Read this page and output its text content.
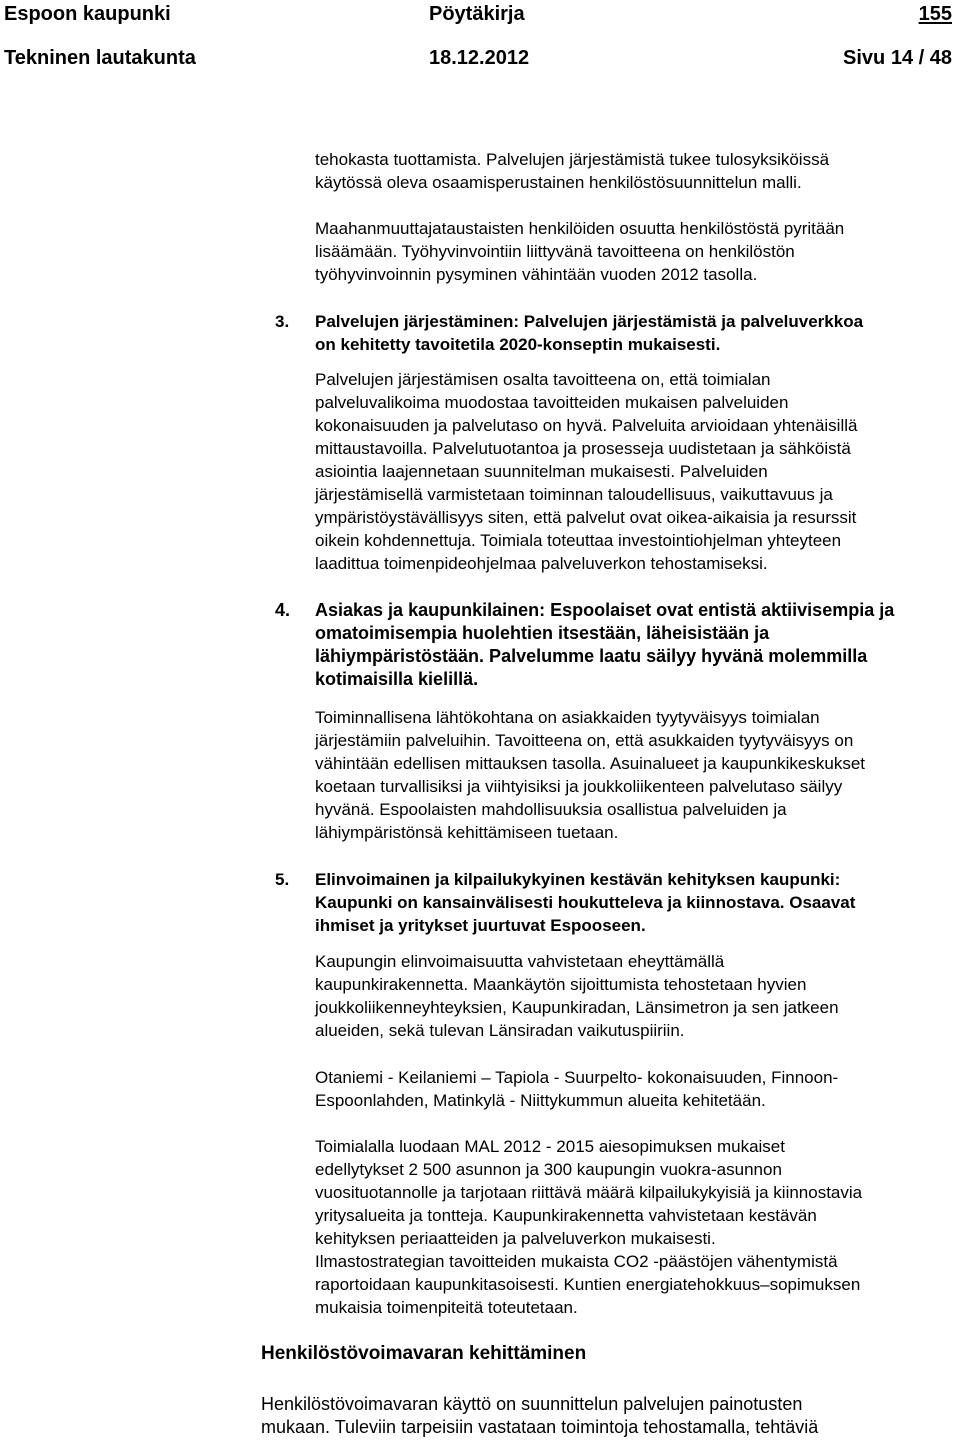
Espoon kaupunki	Pöytäkirja	155
Tekninen lautakunta	18.12.2012	Sivu 14 / 48
tehokasta tuottamista. Palvelujen järjestämistä tukee tulosyksiköissä
käytössä oleva osaamisperustainen henkilöstösuunnittelun malli.
Maahanmuuttajataustaisten henkilöiden osuutta henkilöstöstä pyritään
lisäämään. Työhyvinvointiin liittyvänä tavoitteena on henkilöstön
työhyvinvoinnin pysyminen vähintään vuoden 2012 tasolla.
3. Palvelujen järjestäminen: Palvelujen järjestämistä ja palveluverkkoa
on kehitetty tavoitetila 2020-konseptin mukaisesti.
Palvelujen järjestämisen osalta tavoitteena on, että toimialan
palveluvalikoima muodostaa tavoitteiden mukaisen palveluiden
kokonaisuuden ja palvelutaso on hyvä. Palveluita arvioidaan yhtenäisillä
mittaustavoilla. Palvelutuotantoa ja prosesseja uudistetaan ja sähköistä
asiointia laajennetaan suunnitelman mukaisesti. Palveluiden
järjestämisellä varmistetaan toiminnan taloudellisuus, vaikuttavuus ja
ympäristöystävällisyys siten, että palvelut ovat oikea-aikaisia ja resurssit
oikein kohdennettuja. Toimiala toteuttaa investointiohjelman yhteyteen
laadittua toimenpideohjelmaa palveluverkon tehostamiseksi.
4. Asiakas ja kaupunkilainen: Espoolaiset ovat entistä aktiivisempia ja
omatoimisempia huolehtien itsestään, läheisistään ja
lähiympäristöstään. Palvelumme laatu säilyy hyvänä molemmilla
kotimaisilla kielillä.
Toiminnallisena lähtökohtana on asiakkaiden tyytyväisyys toimialan
järjestämiin palveluihin. Tavoitteena on, että asukkaiden tyytyväisyys on
vähintään edellisen mittauksen tasolla. Asuinalueet ja kaupunkikeskukset
koetaan turvallisiksi ja viihtyisiksi ja joukkoliikenteen palvelutaso säilyy
hyvänä. Espoolaisten mahdollisuuksia osallistua palveluiden ja
lähiympäristönsä kehittämiseen tuetaan.
5. Elinvoimainen ja kilpailukykyinen kestävän kehityksen kaupunki:
Kaupunki on kansainvälisesti houkutteleva ja kiinnostava. Osaavat
ihmiset ja yritykset juurtuvat Espooseen.
Kaupungin elinvoimaisuutta vahvistetaan eheyttämällä
kaupunkirakennetta. Maankäytön sijoittumista tehostetaan hyvien
joukkoliikenneyhteyksien, Kaupunkiradan, Länsimetron ja sen jatkeen
alueiden, sekä tulevan Länsiradan vaikutuspiiriin.
Otaniemi - Keilaniemi – Tapiola - Suurpelto- kokonaisuuden, Finnoon-
Espoonlahden, Matinkylä - Niittykummun alueita kehitetään.
Toimialalla luodaan MAL 2012 - 2015 aiesopimuksen mukaiset
edellytykset 2 500 asunnon ja 300 kaupungin vuokra-asunnon
vuosituotannolle ja tarjotaan riittävä määrä kilpailukykyisiä ja kiinnostavia
yritysalueita ja tontteja. Kaupunkirakennetta vahvistetaan kestävän
kehityksen periaatteiden ja palveluverkon mukaisesti.
Ilmastostrategian tavoitteiden mukaista CO2 -päästöjen vähentymistä
raportoidaan kaupunkitasoisesti. Kuntien energiatehokkuus–sopimuksen
mukaisia toimenpiteitä toteutetaan.
Henkilöstövoimavaran kehittäminen
Henkilöstövoimavaran käyttö on suunnittelun palvelujen painotusten
mukaan. Tuleviin tarpeisiin vastataan toimintoja tehostamalla, tehtäviä
